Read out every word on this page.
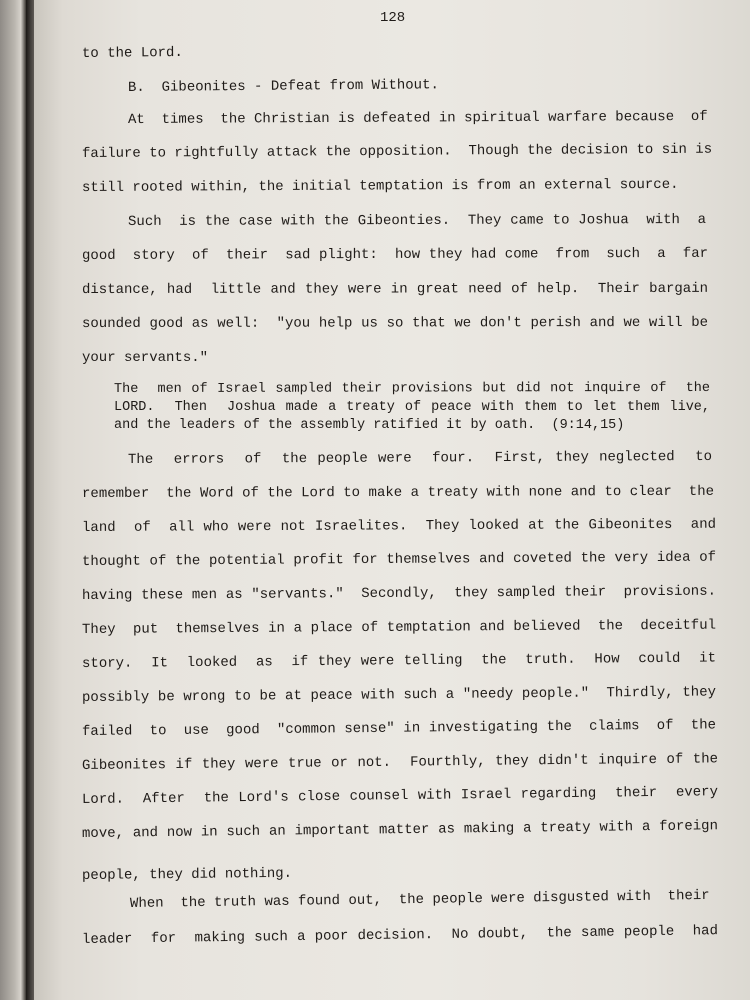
128
to the Lord.
B.  Gibeonites - Defeat from Without.
At  times  the Christian is defeated in spiritual warfare because  of
failure to rightfully attack the opposition.  Though the decision to sin is
still rooted within, the initial temptation is from an external source.
Such  is the case with the Gibeonties.  They came to Joshua  with  a
good  story  of  their  sad plight:  how they had come  from  such  a  far
distance, had  little and they were in great need of help.  Their bargain
sounded good as well:  "you help us so that we don't perish and we will be
your servants."
The  men of Israel sampled their provisions but did not inquire of  the
LORD.  Then  Joshua made a treaty of peace with them to let them live,
and the leaders of the assembly ratified it by oath.  (9:14,15)
The  errors  of  the people were  four.  First, they neglected  to
remember  the Word of the Lord to make a treaty with none and to clear  the
land  of  all who were not Israelites.  They looked at the Gibeonites  and
thought of the potential profit for themselves and coveted the very idea of
having these men as "servants."  Secondly,  they sampled their  provisions.
They  put  themselves in a place of temptation and believed  the  deceitful
story.  It  looked  as  if they were telling  the  truth.  How  could  it
possibly be wrong to be at peace with such a "needy people."  Thirdly, they
failed  to  use  good  "common sense" in investigating the  claims  of  the
Gibeonites if they were true or not.  Fourthly, they didn't inquire of the
Lord.  After  the Lord's close counsel with Israel regarding  their  every
move, and now in such an important matter as making a treaty with a foreign
people, they did nothing.
When  the truth was found out,  the people were disgusted with  their
leader  for  making such a poor decision.  No doubt,  the same people  had
